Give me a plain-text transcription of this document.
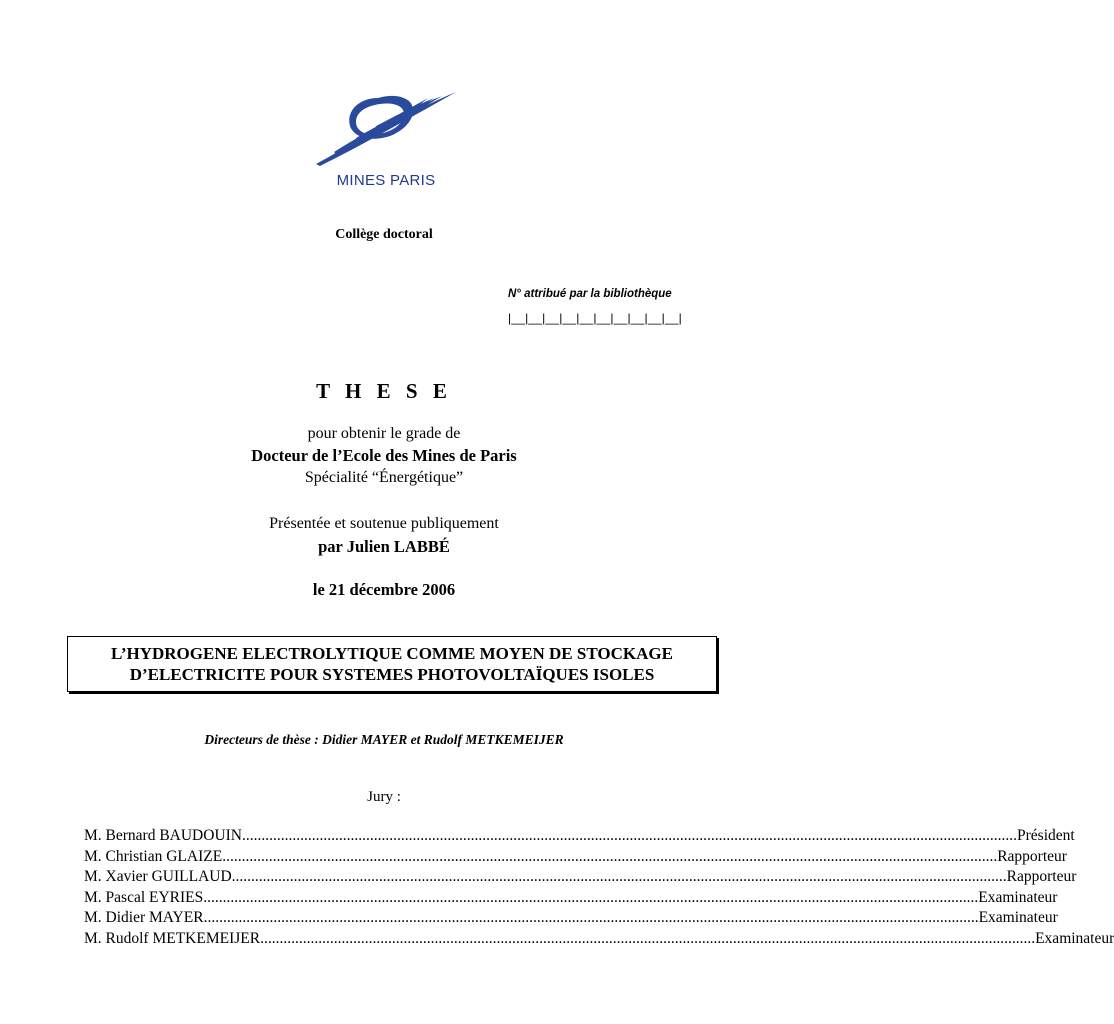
MINES PARIS
Collège doctoral
N° attribué par la bibliothèque
|__|__|__|__|__|__|__|__|__|__|
T H E S E
pour obtenir le grade de
Docteur de l’Ecole des Mines de Paris
Spécialité “Énergétique”
Présentée et soutenue publiquement
par Julien LABBÉ
le 21 décembre 2006
L’HYDROGENE ELECTROLYTIQUE COMME MOYEN DE STOCKAGE
D’ELECTRICITE POUR SYSTEMES PHOTOVOLTAÏQUES ISOLES
Directeurs de thèse : Didier MAYER et Rudolf METKEMEIJER
Jury :
M. Bernard BAUDOUIN ........................................................................................................................................................................................................ Président
M. Christian GLAIZE ........................................................................................................................................................................................................ Rapporteur
M. Xavier GUILLAUD ........................................................................................................................................................................................................ Rapporteur
M. Pascal EYRIES ........................................................................................................................................................................................................ Examinateur
M. Didier MAYER ........................................................................................................................................................................................................ Examinateur
M. Rudolf METKEMEIJER ........................................................................................................................................................................................................ Examinateur
